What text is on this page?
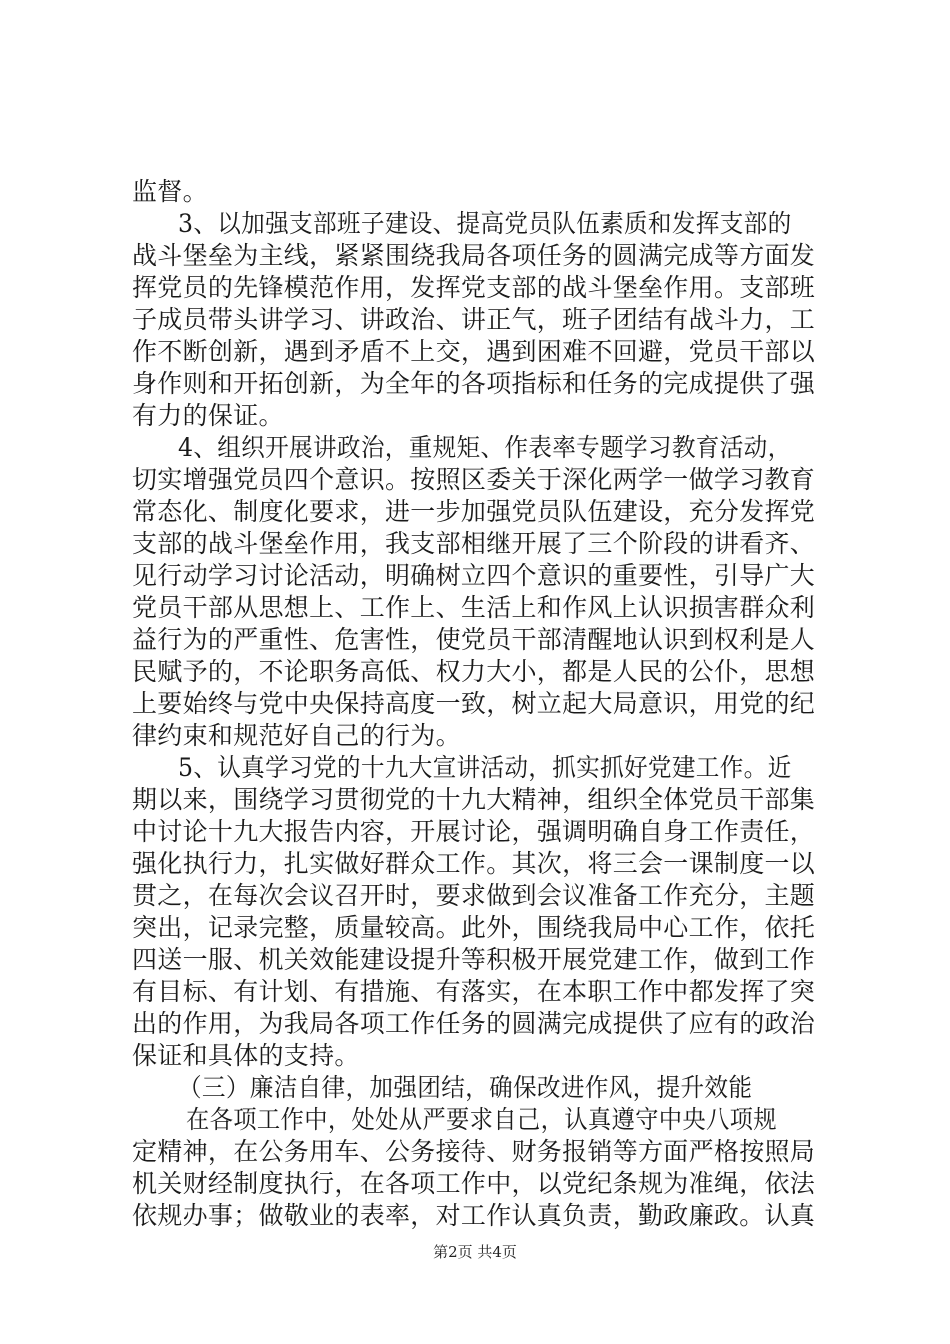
监督。
3、以加强支部班子建设、提高党员队伍素质和发挥支部的
战斗堡垒为主线，紧紧围绕我局各项任务的圆满完成等方面发
挥党员的先锋模范作用，发挥党支部的战斗堡垒作用。支部班
子成员带头讲学习、讲政治、讲正气，班子团结有战斗力，工
作不断创新，遇到矛盾不上交，遇到困难不回避，党员干部以
身作则和开拓创新，为全年的各项指标和任务的完成提供了强
有力的保证。
4、组织开展讲政治，重规矩、作表率专题学习教育活动，
切实增强党员四个意识。按照区委关于深化两学一做学习教育
常态化、制度化要求，进一步加强党员队伍建设，充分发挥党
支部的战斗堡垒作用，我支部相继开展了三个阶段的讲看齐、
见行动学习讨论活动，明确树立四个意识的重要性，引导广大
党员干部从思想上、工作上、生活上和作风上认识损害群众利
益行为的严重性、危害性，使党员干部清醒地认识到权利是人
民赋予的，不论职务高低、权力大小，都是人民的公仆，思想
上要始终与党中央保持高度一致，树立起大局意识，用党的纪
律约束和规范好自己的行为。
5、认真学习党的十九大宣讲活动，抓实抓好党建工作。近
期以来，围绕学习贯彻党的十九大精神，组织全体党员干部集
中讨论十九大报告内容，开展讨论，强调明确自身工作责任，
强化执行力，扎实做好群众工作。其次，将三会一课制度一以
贯之，在每次会议召开时，要求做到会议准备工作充分，主题
突出，记录完整，质量较高。此外，围绕我局中心工作，依托
四送一服、机关效能建设提升等积极开展党建工作，做到工作
有目标、有计划、有措施、有落实，在本职工作中都发挥了突
出的作用，为我局各项工作任务的圆满完成提供了应有的政治
保证和具体的支持。
（三）廉洁自律，加强团结，确保改进作风，提升效能
在各项工作中，处处从严要求自己，认真遵守中央八项规
定精神，在公务用车、公务接待、财务报销等方面严格按照局
机关财经制度执行，在各项工作中，以党纪条规为准绳，依法
依规办事；做敬业的表率，对工作认真负责，勤政廉政。认真
第2页 共4页
